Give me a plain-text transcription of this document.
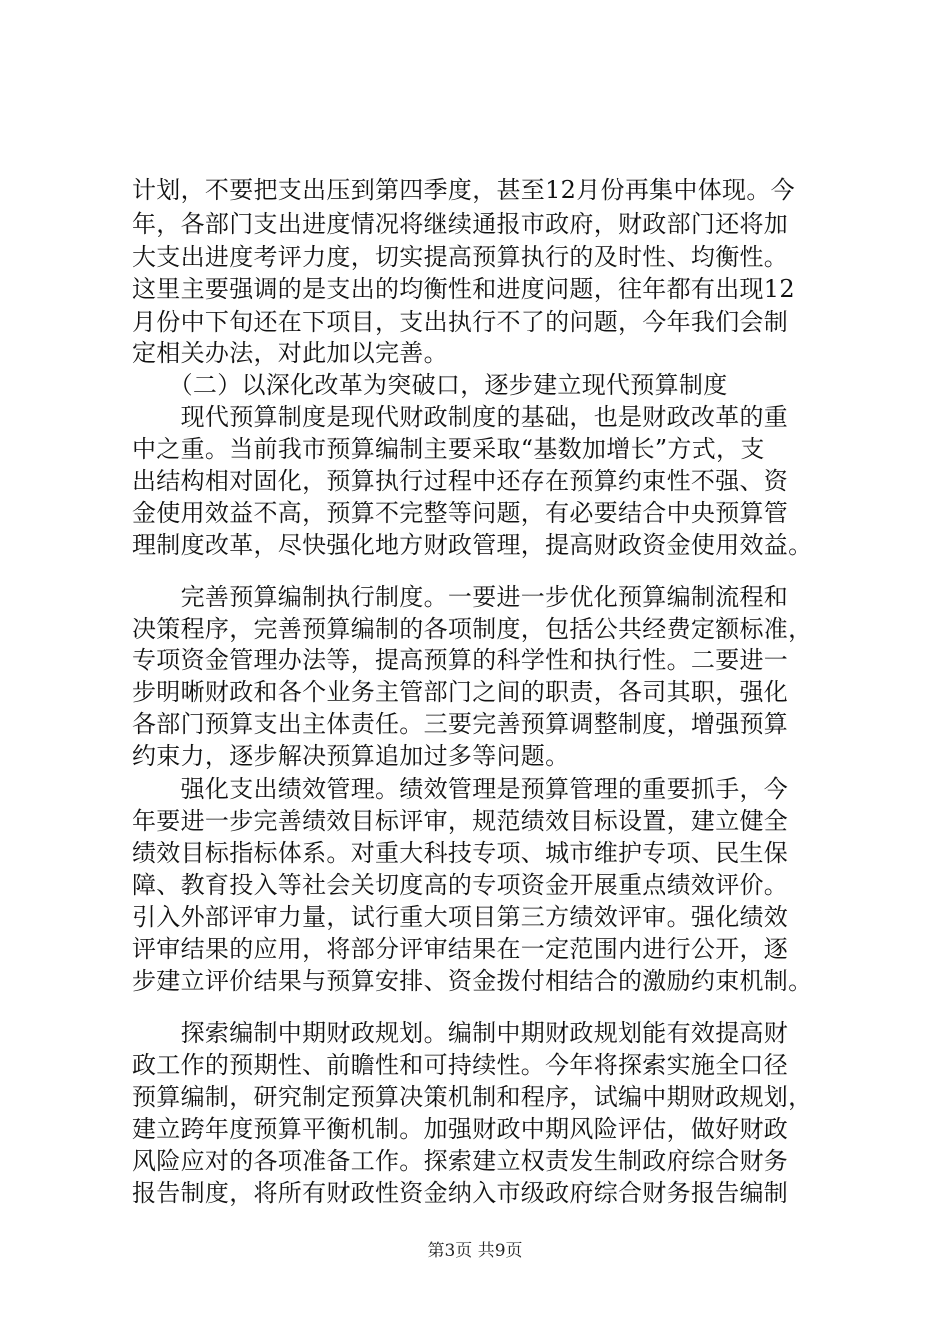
计划，不要把支出压到第四季度，甚至12月份再集中体现。今
年，各部门支出进度情况将继续通报市政府，财政部门还将加
大支出进度考评力度，切实提高预算执行的及时性、均衡性。
这里主要强调的是支出的均衡性和进度问题，往年都有出现12
月份中下旬还在下项目，支出执行不了的问题，今年我们会制
定相关办法，对此加以完善。
　　（二）以深化改革为突破口，逐步建立现代预算制度
　　现代预算制度是现代财政制度的基础，也是财政改革的重
中之重。当前我市预算编制主要采取“基数加增长”方式，支
出结构相对固化，预算执行过程中还存在预算约束性不强、资
金使用效益不高，预算不完整等问题，有必要结合中央预算管
理制度改革，尽快强化地方财政管理，提高财政资金使用效益。
　　完善预算编制执行制度。一要进一步优化预算编制流程和
决策程序，完善预算编制的各项制度，包括公共经费定额标准，
专项资金管理办法等，提高预算的科学性和执行性。二要进一
步明晰财政和各个业务主管部门之间的职责，各司其职，强化
各部门预算支出主体责任。三要完善预算调整制度，增强预算
约束力，逐步解决预算追加过多等问题。
　　强化支出绩效管理。绩效管理是预算管理的重要抓手，今
年要进一步完善绩效目标评审，规范绩效目标设置，建立健全
绩效目标指标体系。对重大科技专项、城市维护专项、民生保
障、教育投入等社会关切度高的专项资金开展重点绩效评价。
引入外部评审力量，试行重大项目第三方绩效评审。强化绩效
评审结果的应用，将部分评审结果在一定范围内进行公开，逐
步建立评价结果与预算安排、资金拨付相结合的激励约束机制。
　　探索编制中期财政规划。编制中期财政规划能有效提高财
政工作的预期性、前瞻性和可持续性。今年将探索实施全口径
预算编制，研究制定预算决策机制和程序，试编中期财政规划，
建立跨年度预算平衡机制。加强财政中期风险评估，做好财政
风险应对的各项准备工作。探索建立权责发生制政府综合财务
报告制度，将所有财政性资金纳入市级政府综合财务报告编制
第3页 共9页
